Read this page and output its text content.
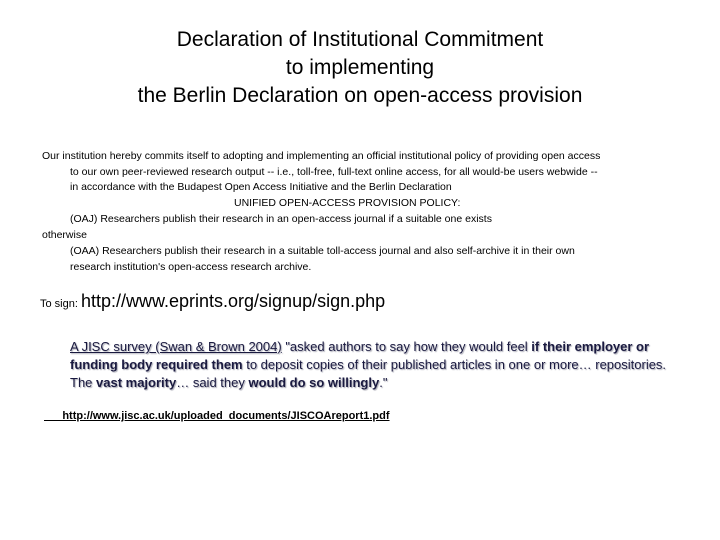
Declaration of Institutional Commitment
to implementing
the Berlin Declaration on open-access provision
Our institution hereby commits itself to adopting and implementing an official institutional policy of providing open access
to our own peer-reviewed research output -- i.e., toll-free, full-text online access, for all would-be users webwide --
in accordance with the Budapest Open Access Initiative and the Berlin Declaration
UNIFIED OPEN-ACCESS PROVISION POLICY:
(OAJ) Researchers publish their research in an open-access journal if a suitable one exists
otherwise
(OAA) Researchers publish their research in a suitable toll-access journal and also self-archive it in their own
research institution's open-access research archive.
To sign: http://www.eprints.org/signup/sign.php
A JISC survey (Swan & Brown 2004) "asked authors to say how they would feel if their employer or funding body required them to deposit copies of their published articles in one or more… repositories. The vast majority… said they would do so willingly."
http://www.jisc.ac.uk/uploaded_documents/JISCOAreport1.pdf
